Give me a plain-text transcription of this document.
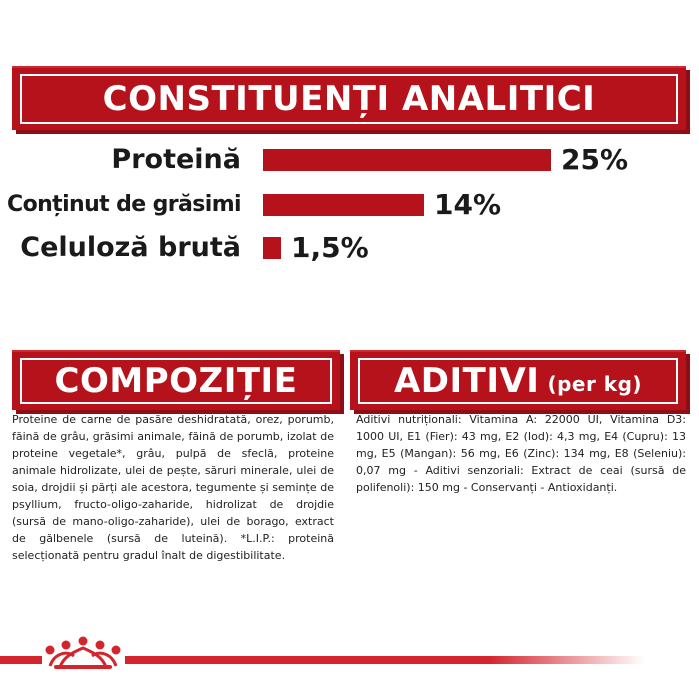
CONSTITUENȚI ANALITICI
Proteină	25%
Conținut de grăsimi	14%
Celuloză brută 1,5%
COMPOZIȚIE	ADITIVI (per kg)

Proteine de carne de pasăre deshidratată, orez, porumb, făină de grâu, grăsimi animale, făină de porumb, izolat de proteine vegetale*, grâu, pulpă de sfeclă, proteine animale hidrolizate, ulei de pește, săruri minerale, ulei de soia, drojdii și părți ale acestora, tegumente și semințe de psyllium, fructo-oligo-zaharide, hidrolizat de drojdie (sursă de mano-oligo-zaharide), ulei de borago, extract de gălbenele (sursă de luteină). *L.I.P.: proteină selecționată pentru gradul înalt de digestibilitate.

Aditivi nutriționali: Vitamina A: 22000 UI, Vitamina D3: 1000 UI, E1 (Fier): 43 mg, E2 (Iod): 4,3 mg, E4 (Cupru): 13 mg, E5 (Mangan): 56 mg, E6 (Zinc): 134 mg, E8 (Seleniu): 0,07 mg - Aditivi senzoriali: Extract de ceai (sursă de polifenoli): 150 mg - Conservanți - Antioxidanți.
